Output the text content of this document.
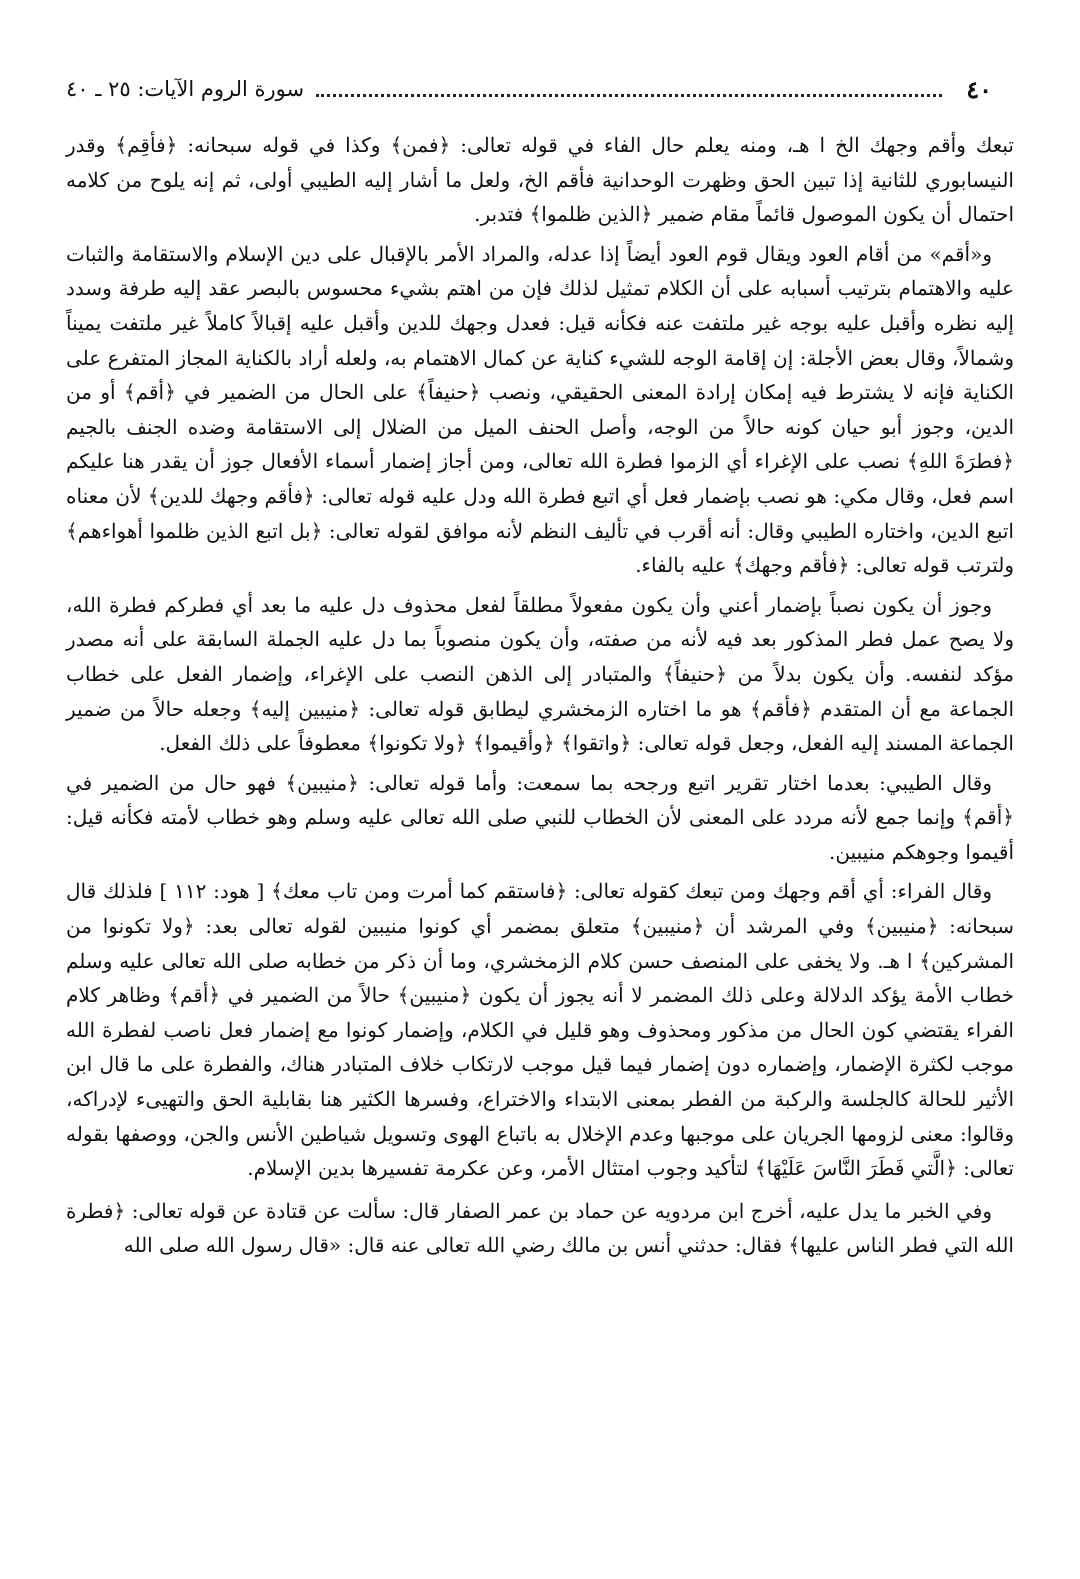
٤٠
سورة الروم الآيات: ٢٥ ـ ٤٠

تبعك وأقم وجهك الخ ا هـ، ومنه يعلم حال الفاء في قوله تعالى: ﴿فمن﴾ وكذا في قوله سبحانه: ﴿فأقِم﴾ وقدر النيسابوري للثانية إذا تبين الحق وظهرت الوحدانية فأقم الخ، ولعل ما أشار إليه الطيبي أولى، ثم إنه يلوح من كلامه احتمال أن يكون الموصول قائماً مقام ضمير ﴿الذين ظلموا﴾ فتدبر.

و«أقم» من أقام العود ويقال قوم العود أيضاً إذا عدله، والمراد الأمر بالإقبال على دين الإسلام والاستقامة والثبات عليه والاهتمام بترتيب أسبابه على أن الكلام تمثيل لذلك فإن من اهتم بشيء محسوس بالبصر عقد إليه طرفة وسدد إليه نظره وأقبل عليه بوجه غير ملتفت عنه فكأنه قيل: فعدل وجهك للدين وأقبل عليه إقبالاً كاملاً غير ملتفت يميناً وشمالاً، وقال بعض الأجلة: إن إقامة الوجه للشيء كناية عن كمال الاهتمام به، ولعله أراد بالكناية المجاز المتفرع على الكناية فإنه لا يشترط فيه إمكان إرادة المعنى الحقيقي، ونصب ﴿حنيفاً﴾ على الحال من الضمير في ﴿أقم﴾ أو من الدين، وجوز أبو حيان كونه حالاً من الوجه، وأصل الحنف الميل من الضلال إلى الاستقامة وضده الجنف بالجيم ﴿فطرَةَ اللهِ﴾ نصب على الإغراء أي الزموا فطرة الله تعالى، ومن أجاز إضمار أسماء الأفعال جوز أن يقدر هنا عليكم اسم فعل، وقال مكي: هو نصب بإضمار فعل أي اتبع فطرة الله ودل عليه قوله تعالى: ﴿فأقم وجهك للدين﴾ لأن معناه اتبع الدين، واختاره الطيبي وقال: أنه أقرب في تأليف النظم لأنه موافق لقوله تعالى: ﴿بل اتبع الذين ظلموا أهواءهم﴾ ولترتب قوله تعالى: ﴿فأقم وجهك﴾ عليه بالفاء.

وجوز أن يكون نصباً بإضمار أعني وأن يكون مفعولاً مطلقاً لفعل محذوف دل عليه ما بعد أي فطركم فطرة الله، ولا يصح عمل فطر المذكور بعد فيه لأنه من صفته، وأن يكون منصوباً بما دل عليه الجملة السابقة على أنه مصدر مؤكد لنفسه. وأن يكون بدلاً من ﴿حنيفاً﴾ والمتبادر إلى الذهن النصب على الإغراء، وإضمار الفعل على خطاب الجماعة مع أن المتقدم ﴿فأقم﴾ هو ما اختاره الزمخشري ليطابق قوله تعالى: ﴿منيبين إليه﴾ وجعله حالاً من ضمير الجماعة المسند إليه الفعل، وجعل قوله تعالى: ﴿واتقوا﴾ ﴿وأقيموا﴾ ﴿ولا تكونوا﴾ معطوفاً على ذلك الفعل.

وقال الطيبي: بعدما اختار تقرير اتبع ورجحه بما سمعت: وأما قوله تعالى: ﴿منيبين﴾ فهو حال من الضمير في ﴿أقم﴾ وإنما جمع لأنه مردد على المعنى لأن الخطاب للنبي صلى الله تعالى عليه وسلم وهو خطاب لأمته فكأنه قيل: أقيموا وجوهكم منيبين.

وقال الفراء: أي أقم وجهك ومن تبعك كقوله تعالى: ﴿فاستقم كما أمرت ومن تاب معك﴾ [ هود: ١١٢ ] فلذلك قال سبحانه: ﴿منيبين﴾ وفي المرشد أن ﴿منيبين﴾ متعلق بمضمر أي كونوا منيبين لقوله تعالى بعد: ﴿ولا تكونوا من المشركين﴾ ا هـ. ولا يخفى على المنصف حسن كلام الزمخشري، وما أن ذكر من خطابه صلى الله تعالى عليه وسلم خطاب الأمة يؤكد الدلالة وعلى ذلك المضمر لا أنه يجوز أن يكون ﴿منيبين﴾ حالاً من الضمير في ﴿أقم﴾ وظاهر كلام الفراء يقتضي كون الحال من مذكور ومحذوف وهو قليل في الكلام، وإضمار كونوا مع إضمار فعل ناصب لفطرة الله موجب لكثرة الإضمار، وإضماره دون إضمار فيما قيل موجب لارتكاب خلاف المتبادر هناك، والفطرة على ما قال ابن الأثير للحالة كالجلسة والركبة من الفطر بمعنى الابتداء والاختراع، وفسرها الكثير هنا بقابلية الحق والتهيىء لإدراكه، وقالوا: معنى لزومها الجريان على موجبها وعدم الإخلال به باتباع الهوى وتسويل شياطين الأنس والجن، ووصفها بقوله تعالى: ﴿الَّتي فَطَرَ النَّاسَ عَلَيْهَا﴾ لتأكيد وجوب امتثال الأمر، وعن عكرمة تفسيرها بدين الإسلام.

وفي الخبر ما يدل عليه، أخرج ابن مردويه عن حماد بن عمر الصفار قال: سألت عن قتادة عن قوله تعالى: ﴿فطرة الله التي فطر الناس عليها﴾ فقال: حدثني أنس بن مالك رضي الله تعالى عنه قال: «قال رسول الله صلى الله
